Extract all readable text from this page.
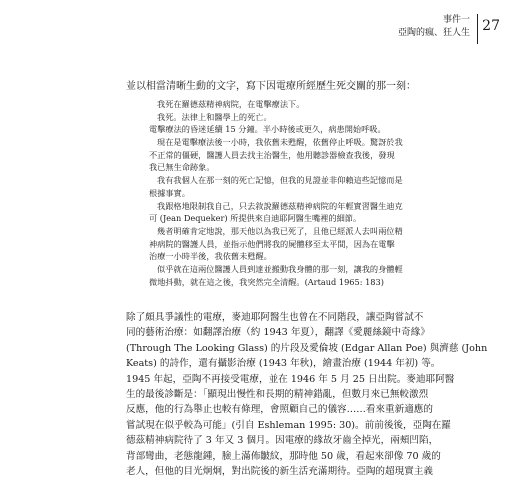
事件一
亞陶的瘋、狂人生 27
並以相當清晰生動的文字，寫下因電療所經歷生死交關的那一刻：
我死在羅德茲精神病院，在電擊療法下。
我死。法律上和醫學上的死亡。
電擊療法的昏迷延續 15 分鐘。半小時後或更久，病患開始呼吸。
現在是電擊療法後一小時，我依舊未甦醒，依舊停止呼吸。驚訝於我
不正常的僵硬，醫護人員去找主治醫生，他用聽診器檢查我後，發現
我已無生命跡象。
我有我個人在那一刻的死亡記憶，但我的見證並非仰賴這些記憶而是
根據事實。
我跟格地限制我自己，只去敘說羅德茲精神病院的年輕實習醫生迪克
可 (Jean Dequeker) 所提供來自迪耶阿醫生嘴裡的細節。
幾者明確肯定地說，那天他以為我已死了，且他已經派人去叫兩位精
神病院的醫護人員，並指示他們將我的屍體移至太平間，因為在電擊
治療一小時半後，我依舊未甦醒。
似乎就在這兩位醫護人員到達並搬動我身體的那一刻，讓我的身體輕
微地抖動，就在這之後，我突然完全清醒。(Artaud 1965: 183)
除了頗具爭議性的電療，麥迪耶阿醫生也曾在不同階段，讓亞陶嘗試不
同的藝術治療：如翻譯治療（約 1943 年夏），翻譯《愛麗絲鏡中奇緣》
(Through The Looking Glass) 的片段及愛倫坡 (Edgar Allan Poe) 與濟慈 (John
Keats) 的詩作，還有攝影治療 (1943 年秋)，繪畫治療 (1944 年初) 等。
1945 年起，亞陶不再接受電療，並在 1946 年 5 月 25 日出院。麥迪耶阿醫
生的最後診斷是：「顯現出慢性和長期的精神錯亂，但數月來已無較激烈
反應，他的行為舉止也較有條理，會照顧自己的儀容……看來重新適應的
嘗試現在似乎較為可能」(引自 Eshleman 1995: 30)。前前後後，亞陶在羅
德茲精神病院待了 3 年又 3 個月。因電療的緣故牙齒全掉光，兩頰凹陷，
背部彎曲，老態龍鍾，臉上滿佈皺紋，那時他 50 歲，看起來卻像 70 歲的
老人，但他的目光炯炯，對出院後的新生活充滿期待。亞陶的超現實主義
